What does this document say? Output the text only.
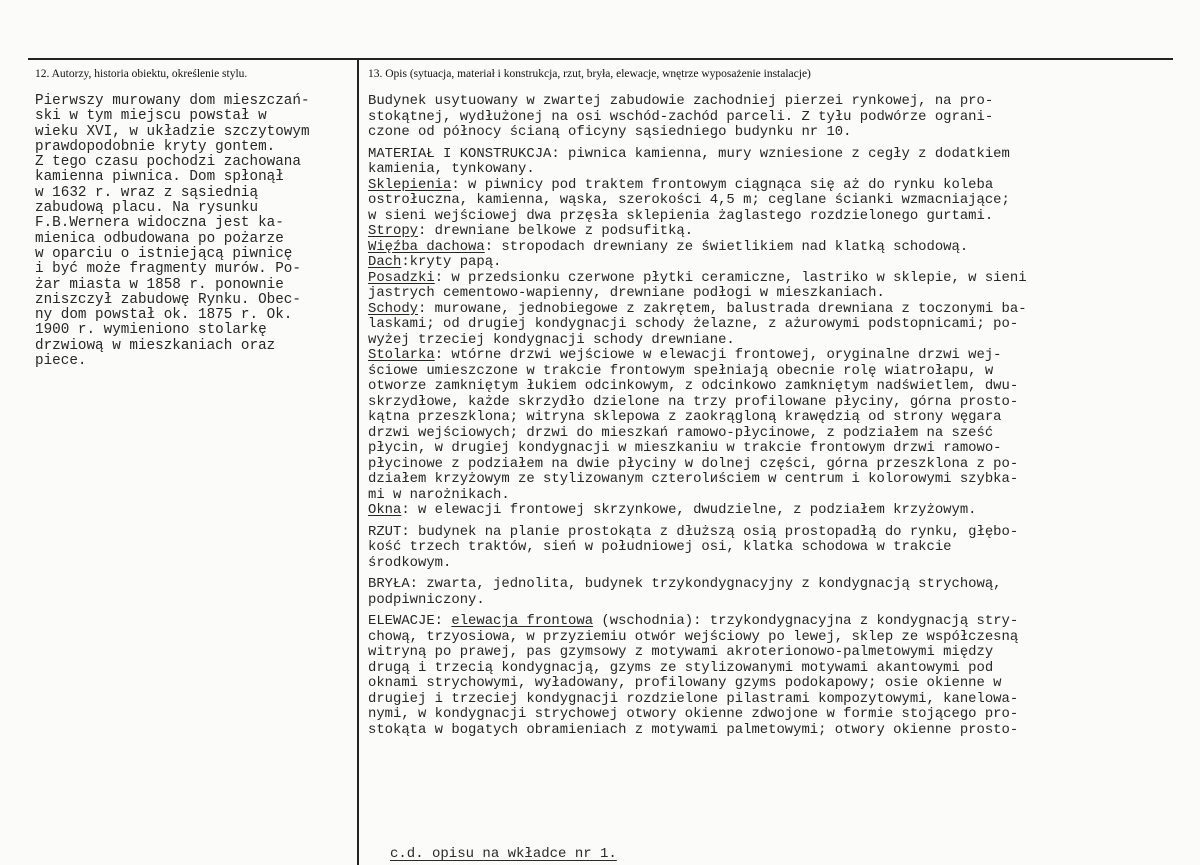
12. Autorzy, historia obiektu, określenie stylu.
Pierwszy murowany dom mieszczań-
ski w tym miejscu powstał w
wieku XVI, w układzie szczytowym
prawdopodobnie kryty gontem.
Z tego czasu pochodzi zachowana
kamienna piwnica. Dom spłonął
w 1632 r. wraz z sąsiednią
zabudową placu. Na rysunku
F.B.Wernera widoczna jest ka-
mienica odbudowana po pożarze
w oparciu o istniejącą piwnicę
i być może fragmenty murów. Po-
żar miasta w 1858 r. ponownie
zniszczył zabudowę Rynku. Obec-
ny dom powstał ok. 1875 r. Ok.
1900 r. wymieniono stolarkę
drzwiową w mieszkaniach oraz
piece.
13. Opis (sytuacja, materiał i konstrukcja, rzut, bryła, elewacje, wnętrze wyposażenie instalacje)

Budynek usytuowany w zwartej zabudowie zachodniej pierzei rynkowej, na pro-
stokątnej, wydłużonej na osi wschód-zachód parceli. Z tyłu podwórze ograni-
czone od północy ścianą oficyny sąsiedniego budynku nr 10.

MATERIAŁ I KONSTRUKCJA: piwnica kamienna, mury wzniesione z cegły z dodatkiem
kamienia, tynkowany.

Sklepienia: w piwnicy pod traktem frontowym ciągnąca się aż do rynku koleba
ostrołuczna, kamienna, wąska, szerokości 4,5 m; ceglane ścianki wzmacniające;
w sieni wejściowej dwa przęsła sklepienia żaglastego rozdzielonego gurtami.

Stropy: drewniane belkowe z podsufitką.

Więźba dachowa: stropodach drewniany ze świetlikiem nad klatką schodową.

Dach:kryty papą.

Posadzki: w przedsionku czerwone płytki ceramiczne, lastriko w sklepie, w sieni
jastrych cementowo-wapienny, drewniane podłogi w mieszkaniach.

Schody: murowane, jednobiegowe z zakrętem, balustrada drewniana z toczonymi ba-
laskami; od drugiej kondygnacji schody żelazne, z ażurowymi podstopnicami; po-
wyżej trzeciej kondygnacji schody drewniane.

Stolarka: wtórne drzwi wejściowe w elewacji frontowej, oryginalne drzwi wej-
ściowe umieszczone w trakcie frontowym spełniają obecnie rolę wiatrołapu, w
otworze zamkniętym łukiem odcinkowym, z odcinkowo zamkniętym nadświetlem, dwu-
skrzydłowe, każde skrzydło dzielone na trzy profilowane płyciny, górna prosto-
kątna przeszklona; witryna sklepowa z zaokrągloną krawędzią od strony węgara
drzwi wejściowych; drzwi do mieszkań ramowo-płycinowe, z podziałem na sześć
płycin, w drugiej kondygnacji w mieszkaniu w trakcie frontowym drzwi ramowo-
płycinowe z podziałem na dwie płyciny w dolnej części, górna przeszklona z po-
działem krzyżowym ze stylizowanym czterolиściem w centrum i kolorowymi szybka-
mi w narożnikach.

Okna: w elewacji frontowej skrzynkowe, dwudzielne, z podziałem krzyżowym.

RZUT: budynek na planie prostokąta z dłuższą osią prostopadłą do rynku, głębo-
kość trzech traktów, sień w południowej osi, klatka schodowa w trakcie
środkowym.

BRYŁA: zwarta, jednolita, budynek trzykondygnacyjny z kondygnacją strychową,
podpiwniczony.

ELEWACJE: elewacja frontowa (wschodnia): trzykondygnacyjna z kondygnacją stry-
chową, trzyosiowa, w przyziemiu otwór wejściowy po lewej, sklep ze współczesną
witryną po prawej, pas gzymsowy z motywami akroterionowo-palmetowymi między
drugą i trzecią kondygnacją, gzyms ze stylizowanymi motywami akantowymi pod
oknami strychowymi, wyładowany, profilowany gzyms podokapowy; osie okienne w
drugiej i trzeciej kondygnacji rozdzielone pilastrami kompozytowymi, kanelowa-
nymi, w kondygnacji strychowej otwory okienne zdwojone w formie stojącego pro-
stokąta w bogatych obramieniach z motywami palmetowymi; otwory okienne prosto-

c.d. opisu na wkładce nr 1.
